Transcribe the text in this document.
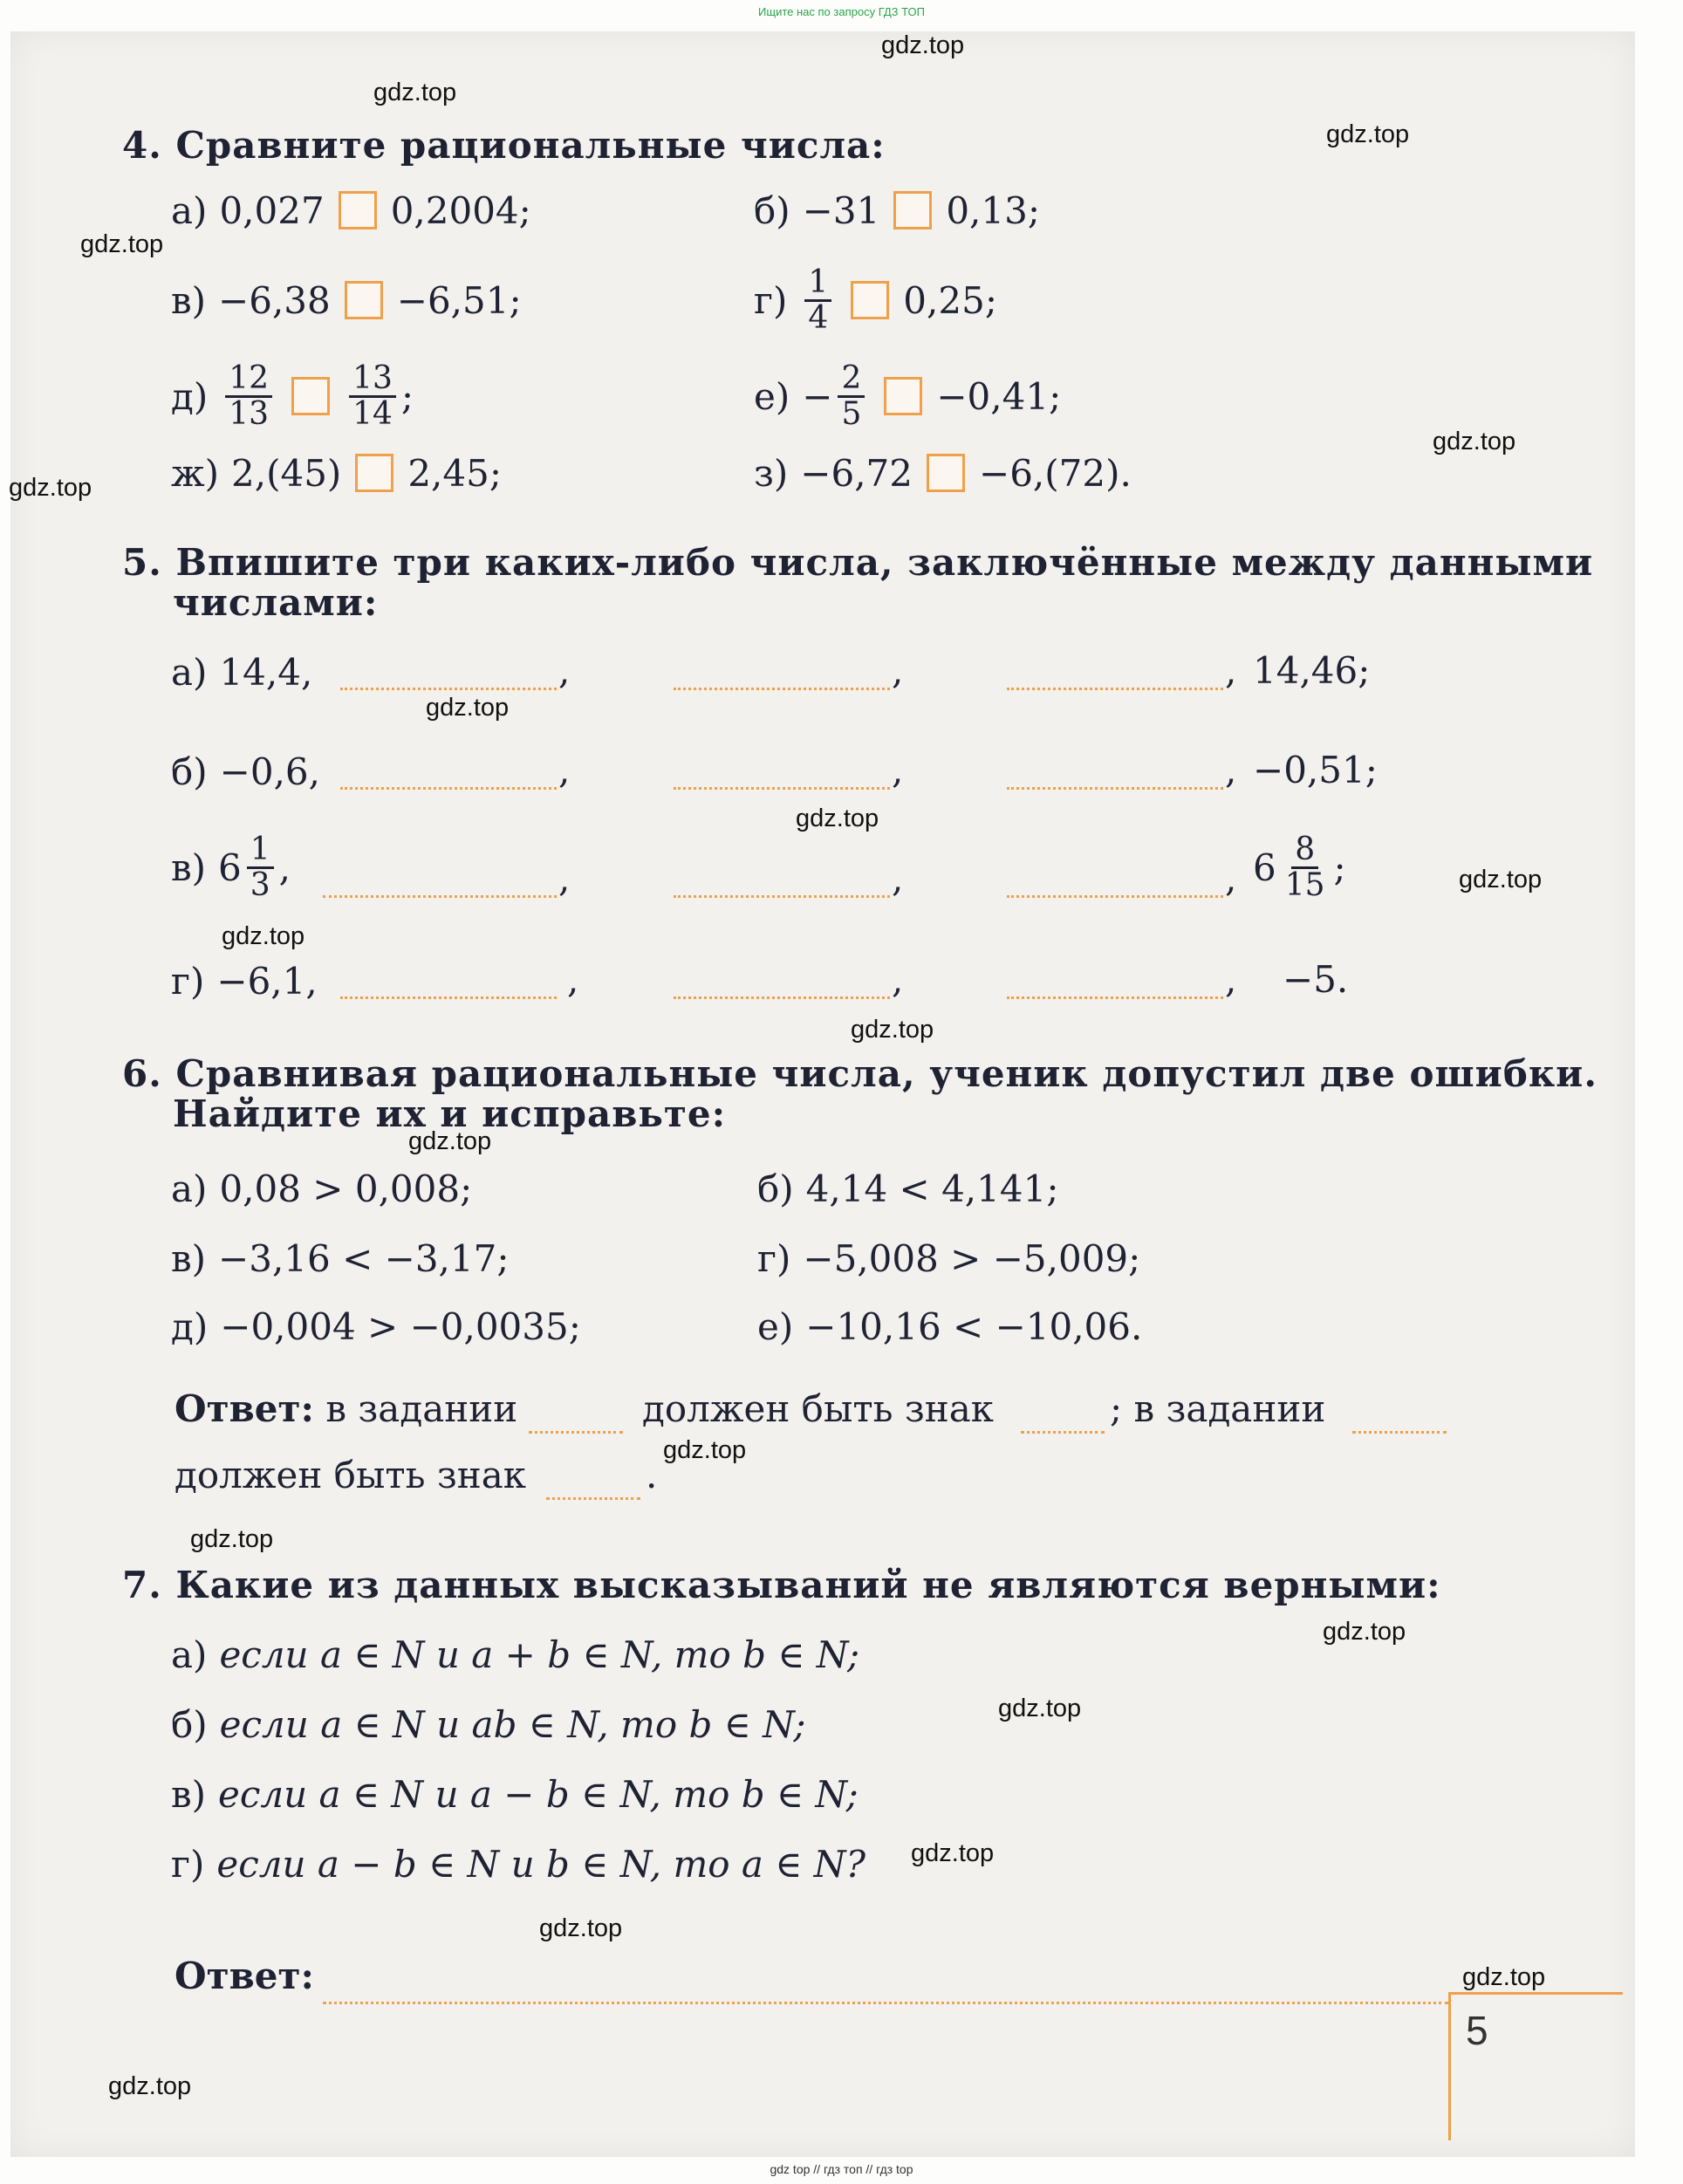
Ищите нас по запросу ГДЗ ТОП
gdz.top
gdz.top
gdz.top
gdz.top
gdz.top
gdz.top
gdz.top
gdz.top
gdz.top
gdz.top
gdz.top
gdz.top
gdz.top
gdz.top
gdz.top
gdz.top
gdz.top
gdz.top
gdz.top
gdz.top
4. Сравните рациональные числа:
а) 0,027 0,2004;	б) −31 0,13;
в) −6,38 −6,51;	$г) \frac{1}{4} 0,25$;
$д) \frac{12}{13} \frac{13}{14}$ ;	$е) - \frac{2}{5} -0,41$;
ж) 2,(45) 2,45;	з) −6,72 −6,(72).
5. Впишите три каких-либо числа, заключённые между данными
числами:
а) 14,4,	,	,	, 14,46;
б) −0,6,	,	,	, −0,51;
в) $6 \frac{1}{3}$ ,	,	,	, $6 \frac{8}{15}$ ;
г) −6,1,	,	,	, −5.
6. Сравнивая рациональные числа, ученик допустил две ошибки.
Найдите их и исправьте:
а) 0,08 > 0,008;	б) 4,14 < 4,141;
в) −3,16 < −3,17;	г) −5,008 > −5,009;
д) −0,004 > −0,0035;	е) −10,16 < −10,06.
Ответ: в задании	должен быть знак	; в задании
должен быть знак	.
7. Какие из данных высказываний не являются верными:
а) если a ∈ N и a + b ∈ N, то b ∈ N;
б) если a ∈ N и ab ∈ N, то b ∈ N;
в) если a ∈ N и a − b ∈ N, то b ∈ N;
г) если a − b ∈ N и b ∈ N, то a ∈ N?
Ответ:
5
gdz top // гдз топ // гдз top
